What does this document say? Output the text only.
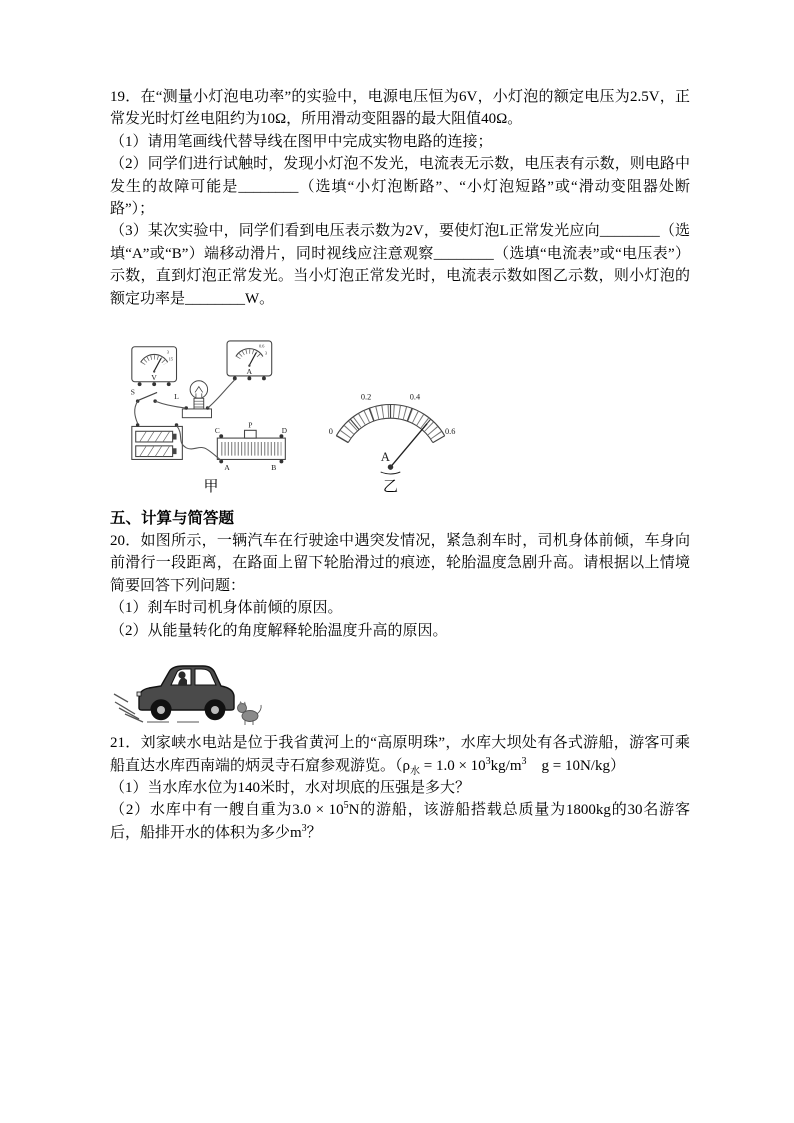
19．在“测量小灯泡电功率”的实验中，电源电压恒为6V，小灯泡的额定电压为2.5V，正常发光时灯丝电阻约为10Ω，所用滑动变阻器的最大阻值40Ω。

（1）请用笔画线代替导线在图甲中完成实物电路的连接；

（2）同学们进行试触时，发现小灯泡不发光，电流表无示数，电压表有示数，则电路中发生的故障可能是________（选填“小灯泡断路”、“小灯泡短路”或“滑动变阻器处断路”）；

（3）某次实验中，同学们看到电压表示数为2V，要使灯泡L正常发光应向________（选填“A”或“B”）端移动滑片，同时视线应注意观察________（选填“电流表”或“电压表”）示数，直到灯泡正常发光。当小灯泡正常发光时，电流表示数如图乙示数，则小灯泡的额定功率是________W。

V
3
15
A
0.6
3
S
L
C
P
D
A	B
甲
0
0.2	0.4
0.6
A
乙
五、计算与简答题

20．如图所示，一辆汽车在行驶途中遇突发情况，紧急刹车时，司机身体前倾，车身向前滑行一段距离，在路面上留下轮胎滑过的痕迹，轮胎温度急剧升高。请根据以上情境简要回答下列问题：

（1）刹车时司机身体前倾的原因。

（2）从能量转化的角度解释轮胎温度升高的原因。

21．刘家峡水电站是位于我省黄河上的“高原明珠”，水库大坝处有各式游船，游客可乘船直达水库西南端的炳灵寺石窟参观游览。（$\rho_水 = 1.0 \times 10^3kg/m^3$　g = 10N/kg）

（1）当水库水位为140米时，水对坝底的压强是多大？

（2）水库中有一艘自重为$3.0 \times 10^5N$的游船，该游船搭载总质量为1800kg的30名游客后，船排开水的体积为多少$m^3$？
